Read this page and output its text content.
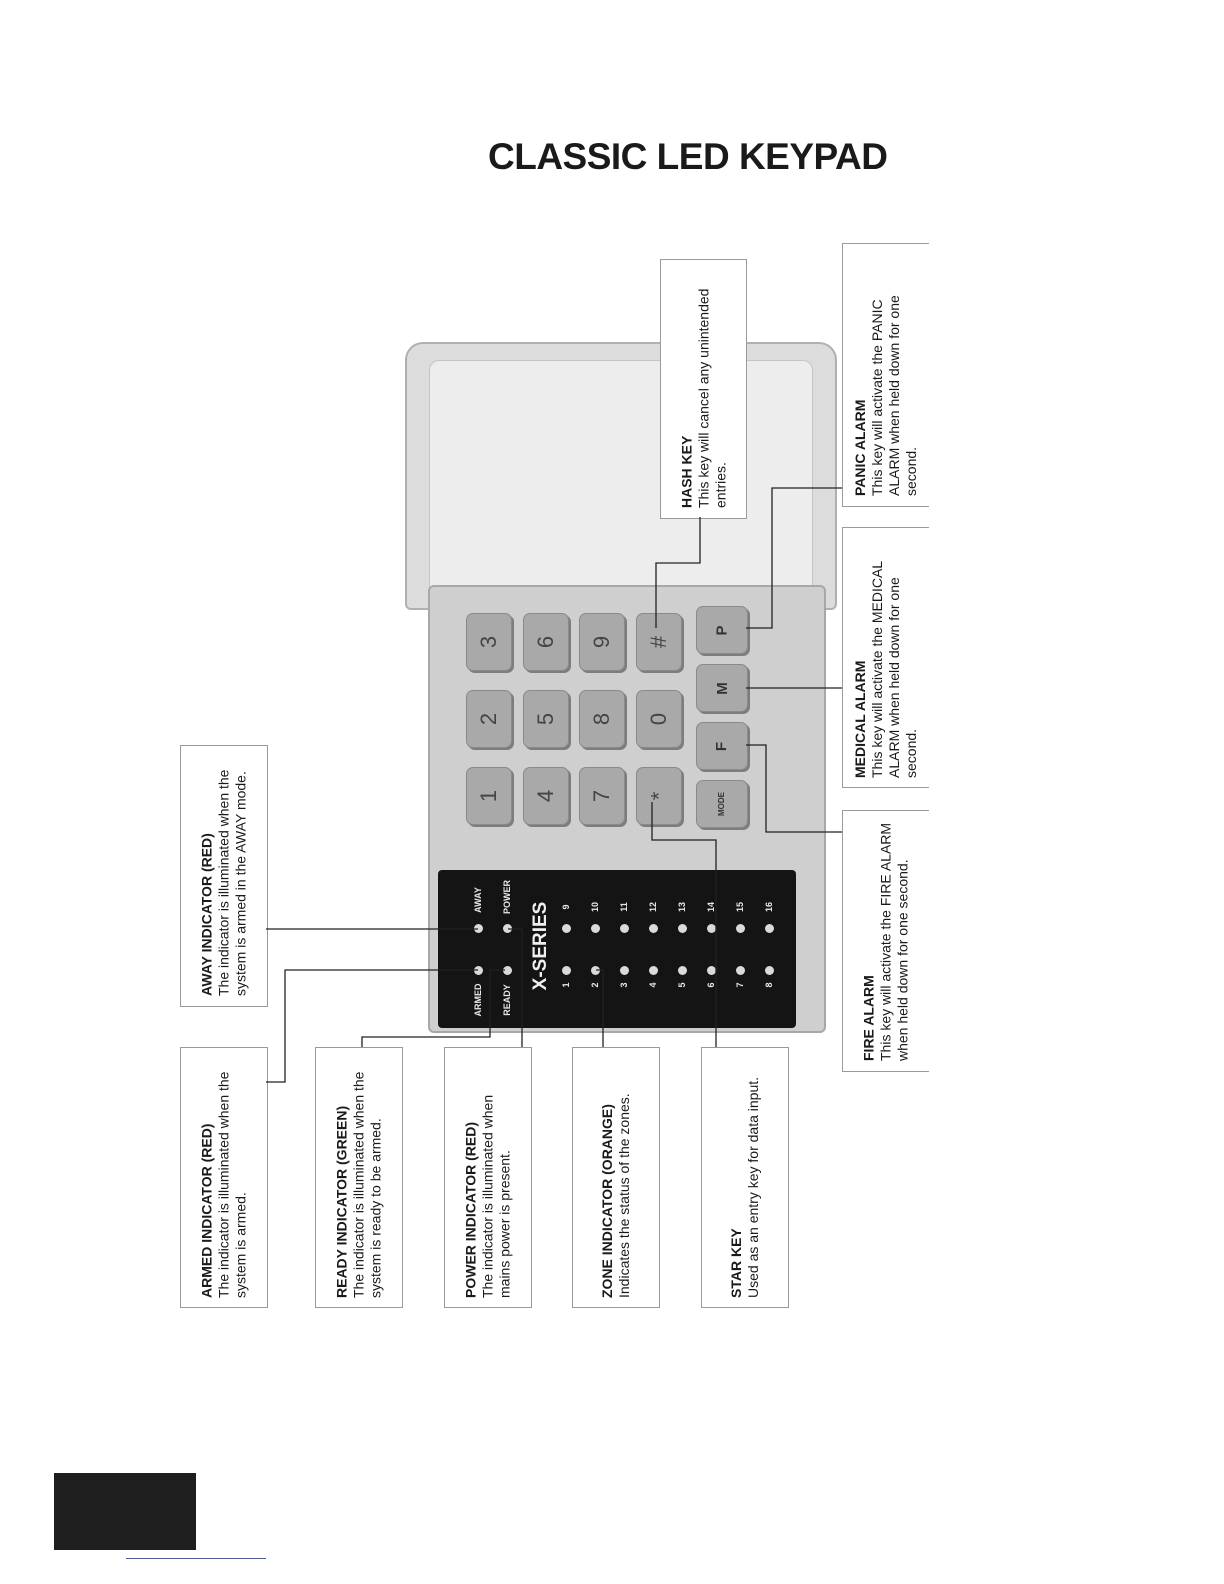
CLASSIC LED KEYPAD
3
2
1
6
5
4
9
8
7
#
0
*
P
M
F
MODE
ARMED
AWAY
READY
POWER
X-SERIES 1 2 3 4 5 6 7 8
9 10 11 12 13 14 15 16
AWAY INDICATOR (RED) The indicator is illuminated when the system is armed in the AWAY mode.
ARMED INDICATOR (RED) The indicator is illuminated when the system is armed.	READY INDICATOR (GREEN) The indicator is illuminated when the system is ready to be armed.	POWER INDICATOR (RED) The indicator is illuminated when mains power is present.	ZONE INDICATOR (ORANGE) Indicates the status of the zones.	STAR KEY Used as an entry key for data input.
HASH KEY This key will cancel any unintended entries.	PANIC ALARM This key will activate the PANIC ALARM when held down for one second.
MEDICAL ALARM This key will activate the MEDICAL ALARM when held down for one second.
FIRE ALARM This key will activate the FIRE ALARM when held down for one second.
